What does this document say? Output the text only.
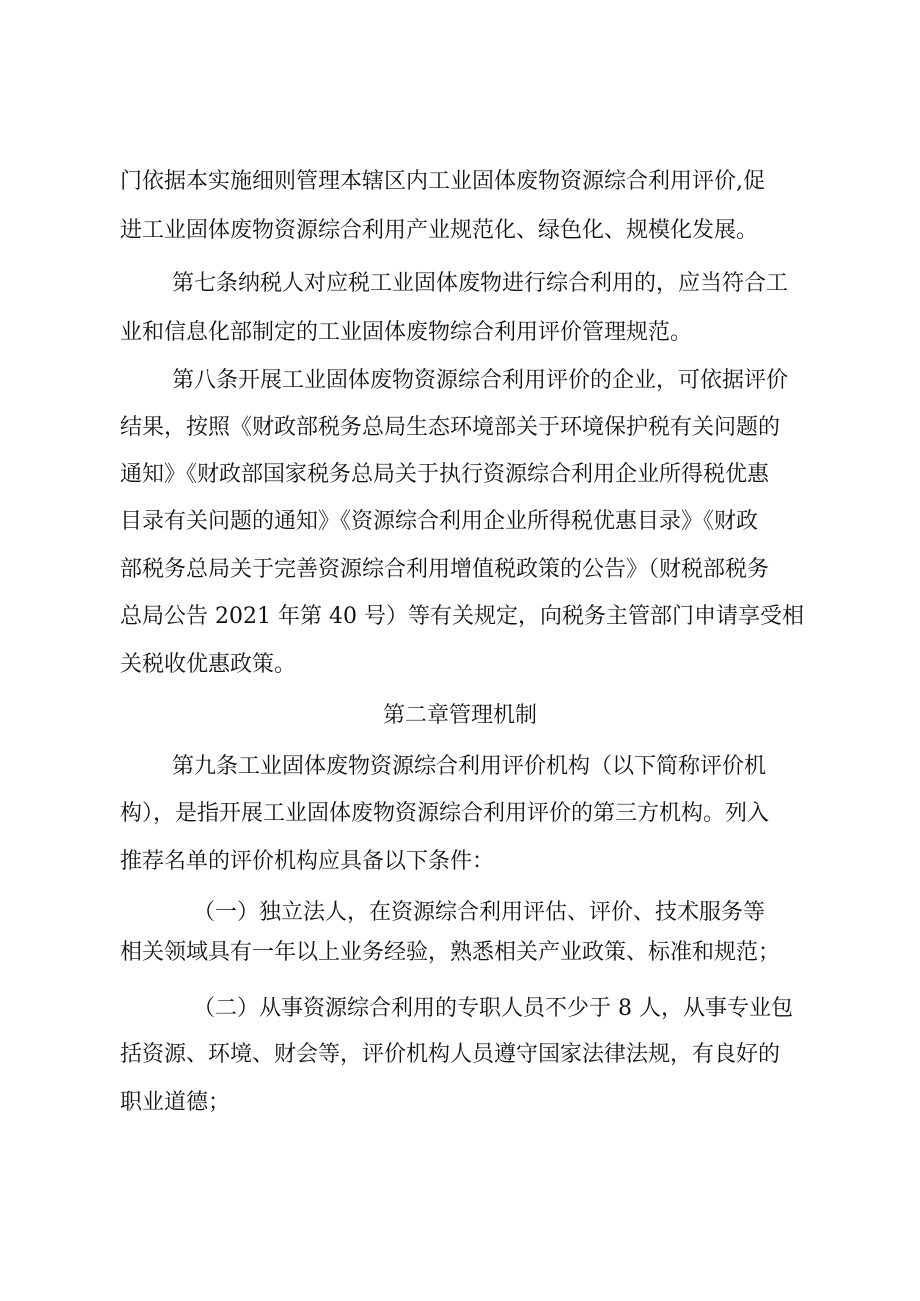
门依据本实施细则管理本辖区内工业固体废物资源综合利用评价,促
进工业固体废物资源综合利用产业规范化、绿色化、规模化发展。
第七条纳税人对应税工业固体废物进行综合利用的，应当符合工
业和信息化部制定的工业固体废物综合利用评价管理规范。
第八条开展工业固体废物资源综合利用评价的企业，可依据评价
结果，按照《财政部税务总局生态环境部关于环境保护税有关问题的
通知》《财政部国家税务总局关于执行资源综合利用企业所得税优惠
目录有关问题的通知》《资源综合利用企业所得税优惠目录》《财政
部税务总局关于完善资源综合利用增值税政策的公告》（财税部税务
总局公告 2021 年第 40 号）等有关规定，向税务主管部门申请享受相
关税收优惠政策。
第二章管理机制
第九条工业固体废物资源综合利用评价机构（以下简称评价机
构），是指开展工业固体废物资源综合利用评价的第三方机构。列入
推荐名单的评价机构应具备以下条件：
（一）独立法人，在资源综合利用评估、评价、技术服务等
相关领域具有一年以上业务经验，熟悉相关产业政策、标准和规范；
（二）从事资源综合利用的专职人员不少于 8 人，从事专业包
括资源、环境、财会等，评价机构人员遵守国家法律法规，有良好的
职业道德；
